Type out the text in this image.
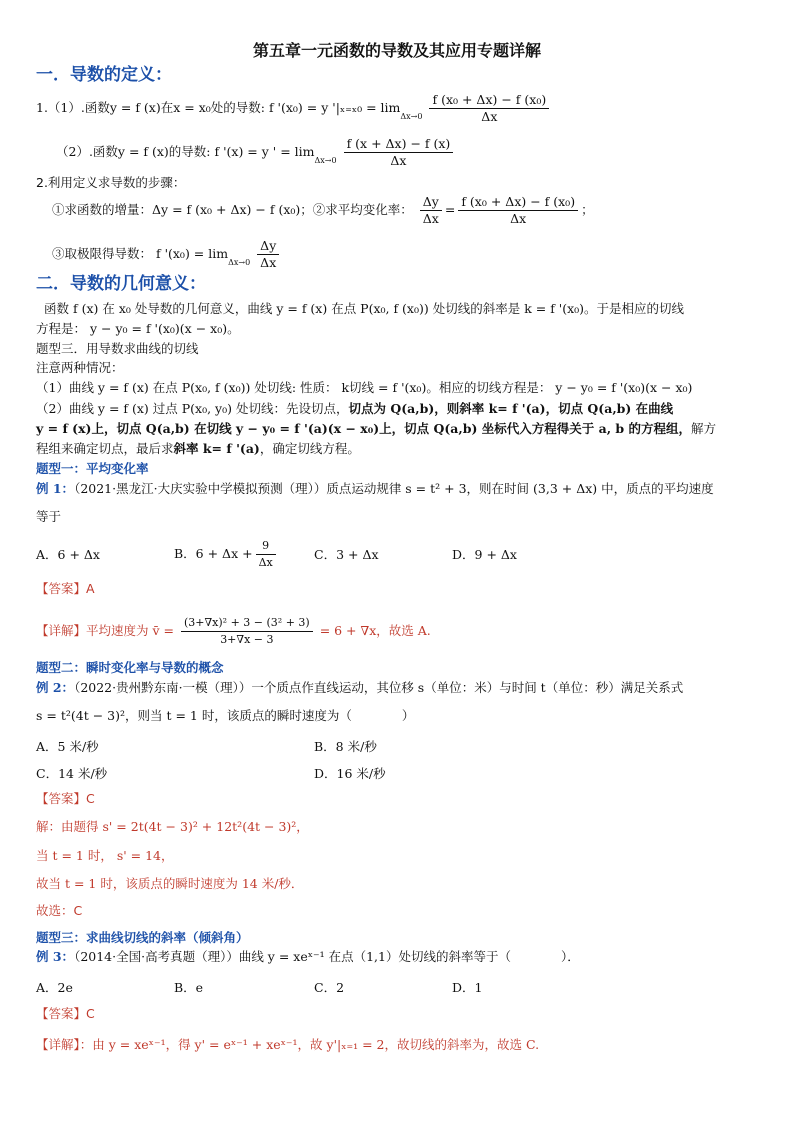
第五章一元函数的导数及其应用专题详解
一．导数的定义：
1.（1）.函数y = f (x)在x = x₀处的导数: f '(x₀) = y '$|_{x=x0} = \lim_{\Delta x\to 0} \frac{\text{f (x₀ + Δx) − f (x₀)}}{\Delta x}$
（2）.函数y = f (x)的导数: f '(x) = y ' = $\lim_{\Delta x\to 0} \frac{f (x + \Delta x) - f (x)}{\Delta x}$
2.利用定义求导数的步骤：
①求函数的增量：Δy = f (x₀ + Δx) − f (x₀)；②求平均变化率： $\frac{\Delta y}{\Delta x} = \frac{\text{f (x₀ + Δx) − f (x₀)}}{\Delta x}$ ；
③取极限得导数： f '$(x_0) = \lim_{\Delta x\to 0} \frac{\Delta y}{\Delta x}$
二．导数的几何意义：
函数 f (x) 在 x₀ 处导数的几何意义，曲线 y = f (x) 在点 P(x₀, f (x₀)) 处切线的斜率是 k = f '(x₀)。于是相应的切线
方程是： y − y₀ = f '(x₀)(x − x₀)。
题型三．用导数求曲线的切线
注意两种情况：
（1）曲线 y = f (x) 在点 P(x₀, f (x₀)) 处切线: 性质： k切线 = f '(x₀)。相应的切线方程是： y − y₀ = f '(x₀)(x − x₀)
（2）曲线 y = f (x) 过点 P(x₀, y₀) 处切线：先设切点，切点为 Q(a,b)，则斜率 k= f '(a)，切点 Q(a,b) 在曲线
y = f (x)上，切点 Q(a,b) 在切线 y − y₀ = f '(a)(x − x₀)上，切点 Q(a,b) 坐标代入方程得关于 a, b 的方程组，解方
程组来确定切点，最后求斜率 k= f '(a)，确定切线方程。
题型一：平均变化率
例 1：（2021·黑龙江·大庆实验中学模拟预测（理））质点运动规律 s = t² + 3，则在时间 (3,3 + Δx) 中，质点的平均速度
等于
A．6 + Δx	B．$6 + \Delta x + \frac{9}{\Delta x}$	C．3 + Δx	D．9 + Δx
【答案】A
【详解】平均速度为 v̄ = $\frac{\text{(3+∇x)² + 3 − (3² + 3)}}{3+\nabla x - 3} = 6 + \nabla x$，故选 A.
题型二：瞬时变化率与导数的概念
例 2：（2022·贵州黔东南·一模（理））一个质点作直线运动，其位移 s（单位：米）与时间 t（单位：秒）满足关系式
s = t²(4t − 3)²，则当 t = 1 时，该质点的瞬时速度为（　　　　）
A．5 米/秒	B．8 米/秒
C．14 米/秒	D．16 米/秒
【答案】C
解：由题得 s' = 2t(4t − 3)² + 12t²(4t − 3)²，
当 t = 1 时， s' = 14，
故当 t = 1 时，该质点的瞬时速度为 14 米/秒．
故选：C
题型三：求曲线切线的斜率（倾斜角）
例 3：（2014·全国·高考真题（理））曲线 y = xeˣ⁻¹ 在点（1,1）处切线的斜率等于（　　　　）．
A．2e	B．e	C．2	D．1
【答案】C
【详解】：由 y = xeˣ⁻¹，得 y' = eˣ⁻¹ + xeˣ⁻¹，故 y'|ₓ₌₁ = 2，故切线的斜率为，故选 C.
